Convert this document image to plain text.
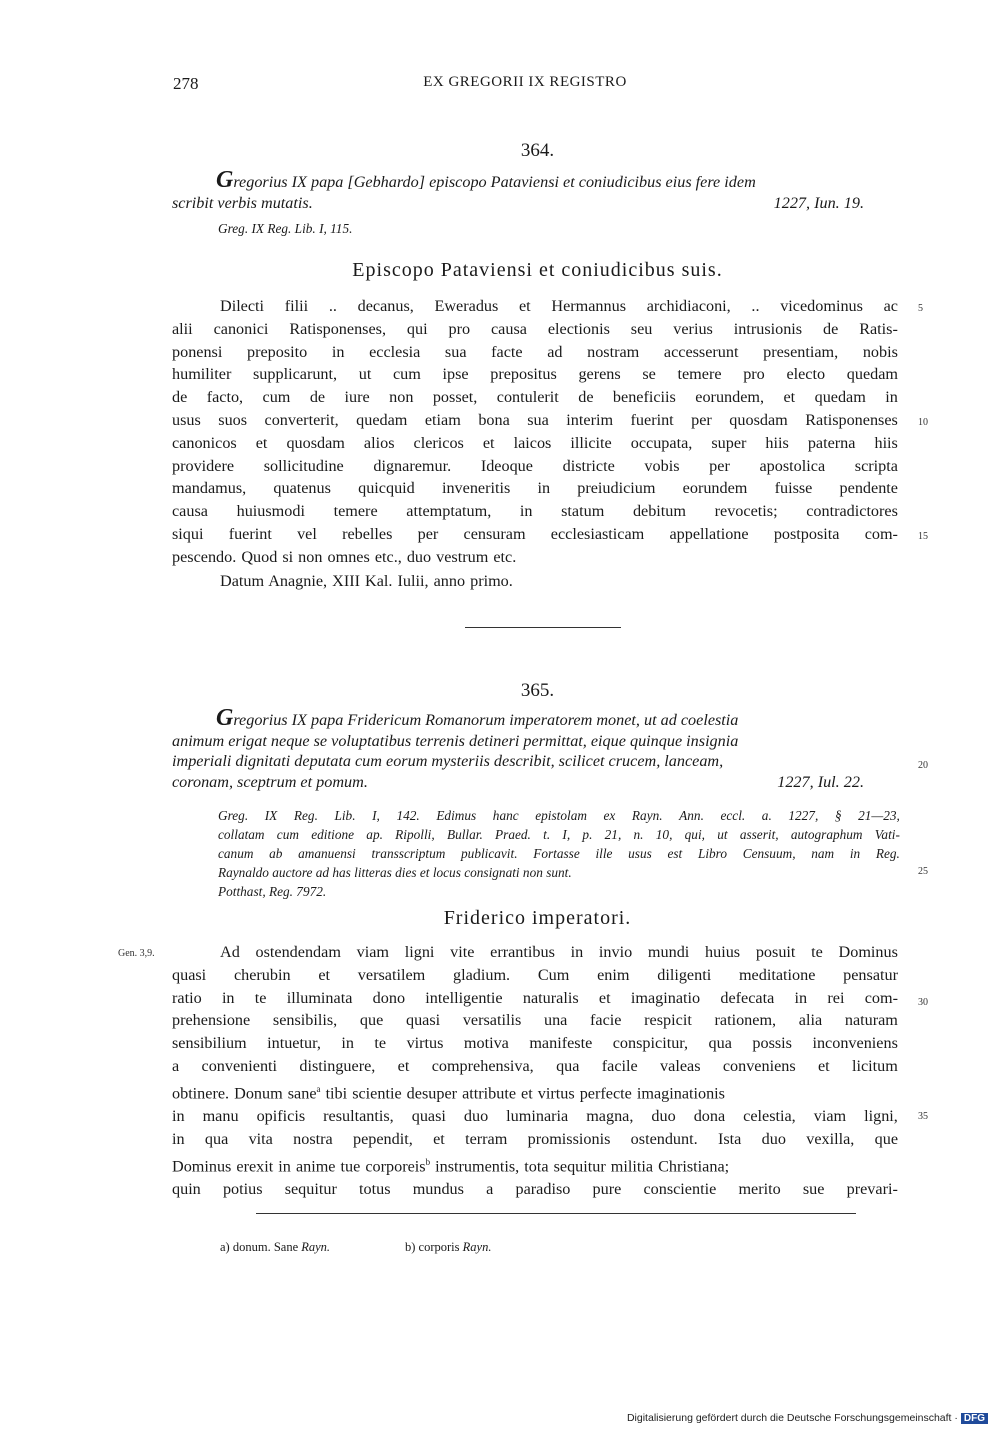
278	EX GREGORII IX REGISTRO
364.
Gregorius IX papa [Gebhardo] episcopo Pataviensi et coniudicibus eius fere idem
scribit verbis mutatis.	1227, Iun. 19.
Greg. IX Reg. Lib. I, 115.
Episcopo Pataviensi et coniudicibus suis.
Dilecti filii .. decanus, Eweradus et Hermannus archidiaconi, .. vicedominus ac
alii canonici Ratisponenses, qui pro causa electionis seu verius intrusionis de Ratis-
ponensi preposito in ecclesia sua facte ad nostram accesserunt presentiam, nobis
humiliter supplicarunt, ut cum ipse prepositus gerens se temere pro electo quedam
de facto, cum de iure non posset, contulerit de beneficiis eorundem, et quedam in
usus suos converterit, quedam etiam bona sua interim fuerint per quosdam Ratisponenses
canonicos et quosdam alios clericos et laicos illicite occupata, super hiis paterna hiis
providere sollicitudine dignaremur. Ideoque districte vobis per apostolica scripta
mandamus, quatenus quicquid inveneritis in preiudicium eorundem fuisse pendente
causa huiusmodi temere attemptatum, in statum debitum revocetis; contradictores
siqui fuerint vel rebelles per censuram ecclesiasticam appellatione postposita com-
pescendo. Quod si non omnes etc., duo vestrum etc.
Datum Anagnie, XIII Kal. Iulii, anno primo.
5
10
15
365.
Gregorius IX papa Fridericum Romanorum imperatorem monet, ut ad coelestia
animum erigat neque se voluptatibus terrenis detineri permittat, eique quinque insignia
imperiali dignitati deputata cum eorum mysteriis describit, scilicet crucem, lanceam,
coronam, sceptrum et pomum.	1227, Iul. 22.
Greg. IX Reg. Lib. I, 142. Edimus hanc epistolam ex Rayn. Ann. eccl. a. 1227, § 21—23,
collatam cum editione ap. Ripolli, Bullar. Praed. t. I, p. 21, n. 10, qui, ut asserit, autographum Vati-
canum ab amanuensi transscriptum publicavit. Fortasse ille usus est Libro Censuum, nam in Reg.
Raynaldo auctore ad has litteras dies et locus consignati non sunt.
Potthast, Reg. 7972.
20
25
Friderico imperatori.
Gen. 3,9.	Ad ostendendam viam ligni vite errantibus in invio mundi huius posuit te Dominus
quasi cherubin et versatilem gladium. Cum enim diligenti meditatione pensatur
ratio in te illuminata dono intelligentie naturalis et imaginatio defecata in rei com-
prehensione sensibilis, que quasi versatilis una facie respicit rationem, alia naturam
sensibilium intuetur, in te virtus motiva manifeste conspicitur, qua possis inconveniens
a convenienti distinguere, et comprehensiva, qua facile valeas conveniens et licitum
obtinere. Donum sane$^a$ tibi scientie desuper attribute et virtus perfecte imaginationis
in manu opificis resultantis, quasi duo luminaria magna, duo dona celestia, viam ligni,
in qua vita nostra pependit, et terram promissionis ostendunt. Ista duo vexilla, que
Dominus erexit in anime tue corporeis$^b$ instrumentis, tota sequitur militia Christiana;
quin potius sequitur totus mundus a paradiso pure conscientie merito sue prevari-
30
35
a) donum. Sane Rayn.	b) corporis Rayn.
Digitalisierung gefördert durch die Deutsche Forschungsgemeinschaft · DFG
